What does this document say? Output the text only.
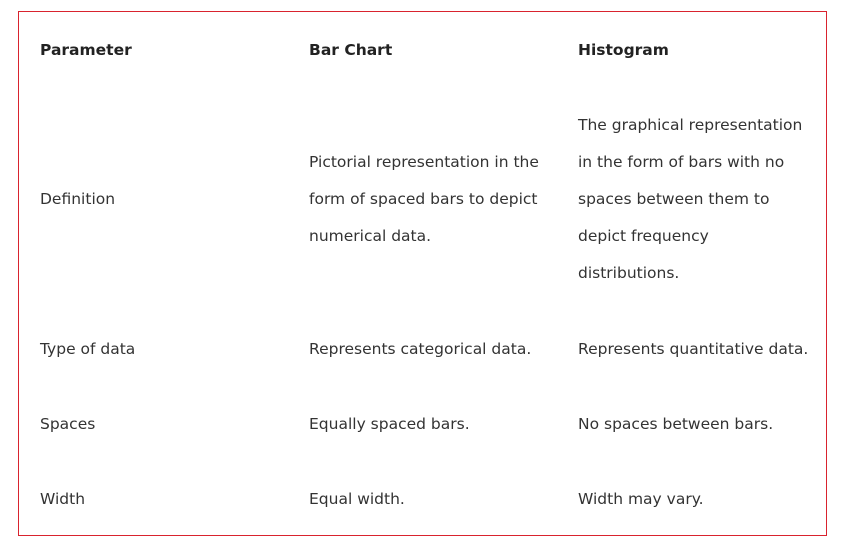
Parameter	Bar Chart	Histogram
Definition	Pictorial representation in the form of spaced bars to depict numerical data.	The graphical representation in the form of bars with no spaces between them to depict frequency distributions.

Type of data	Represents categorical data.	Represents quantitative data.
Spaces	Equally spaced bars.	No spaces between bars.
Width	Equal width.	Width may vary.
